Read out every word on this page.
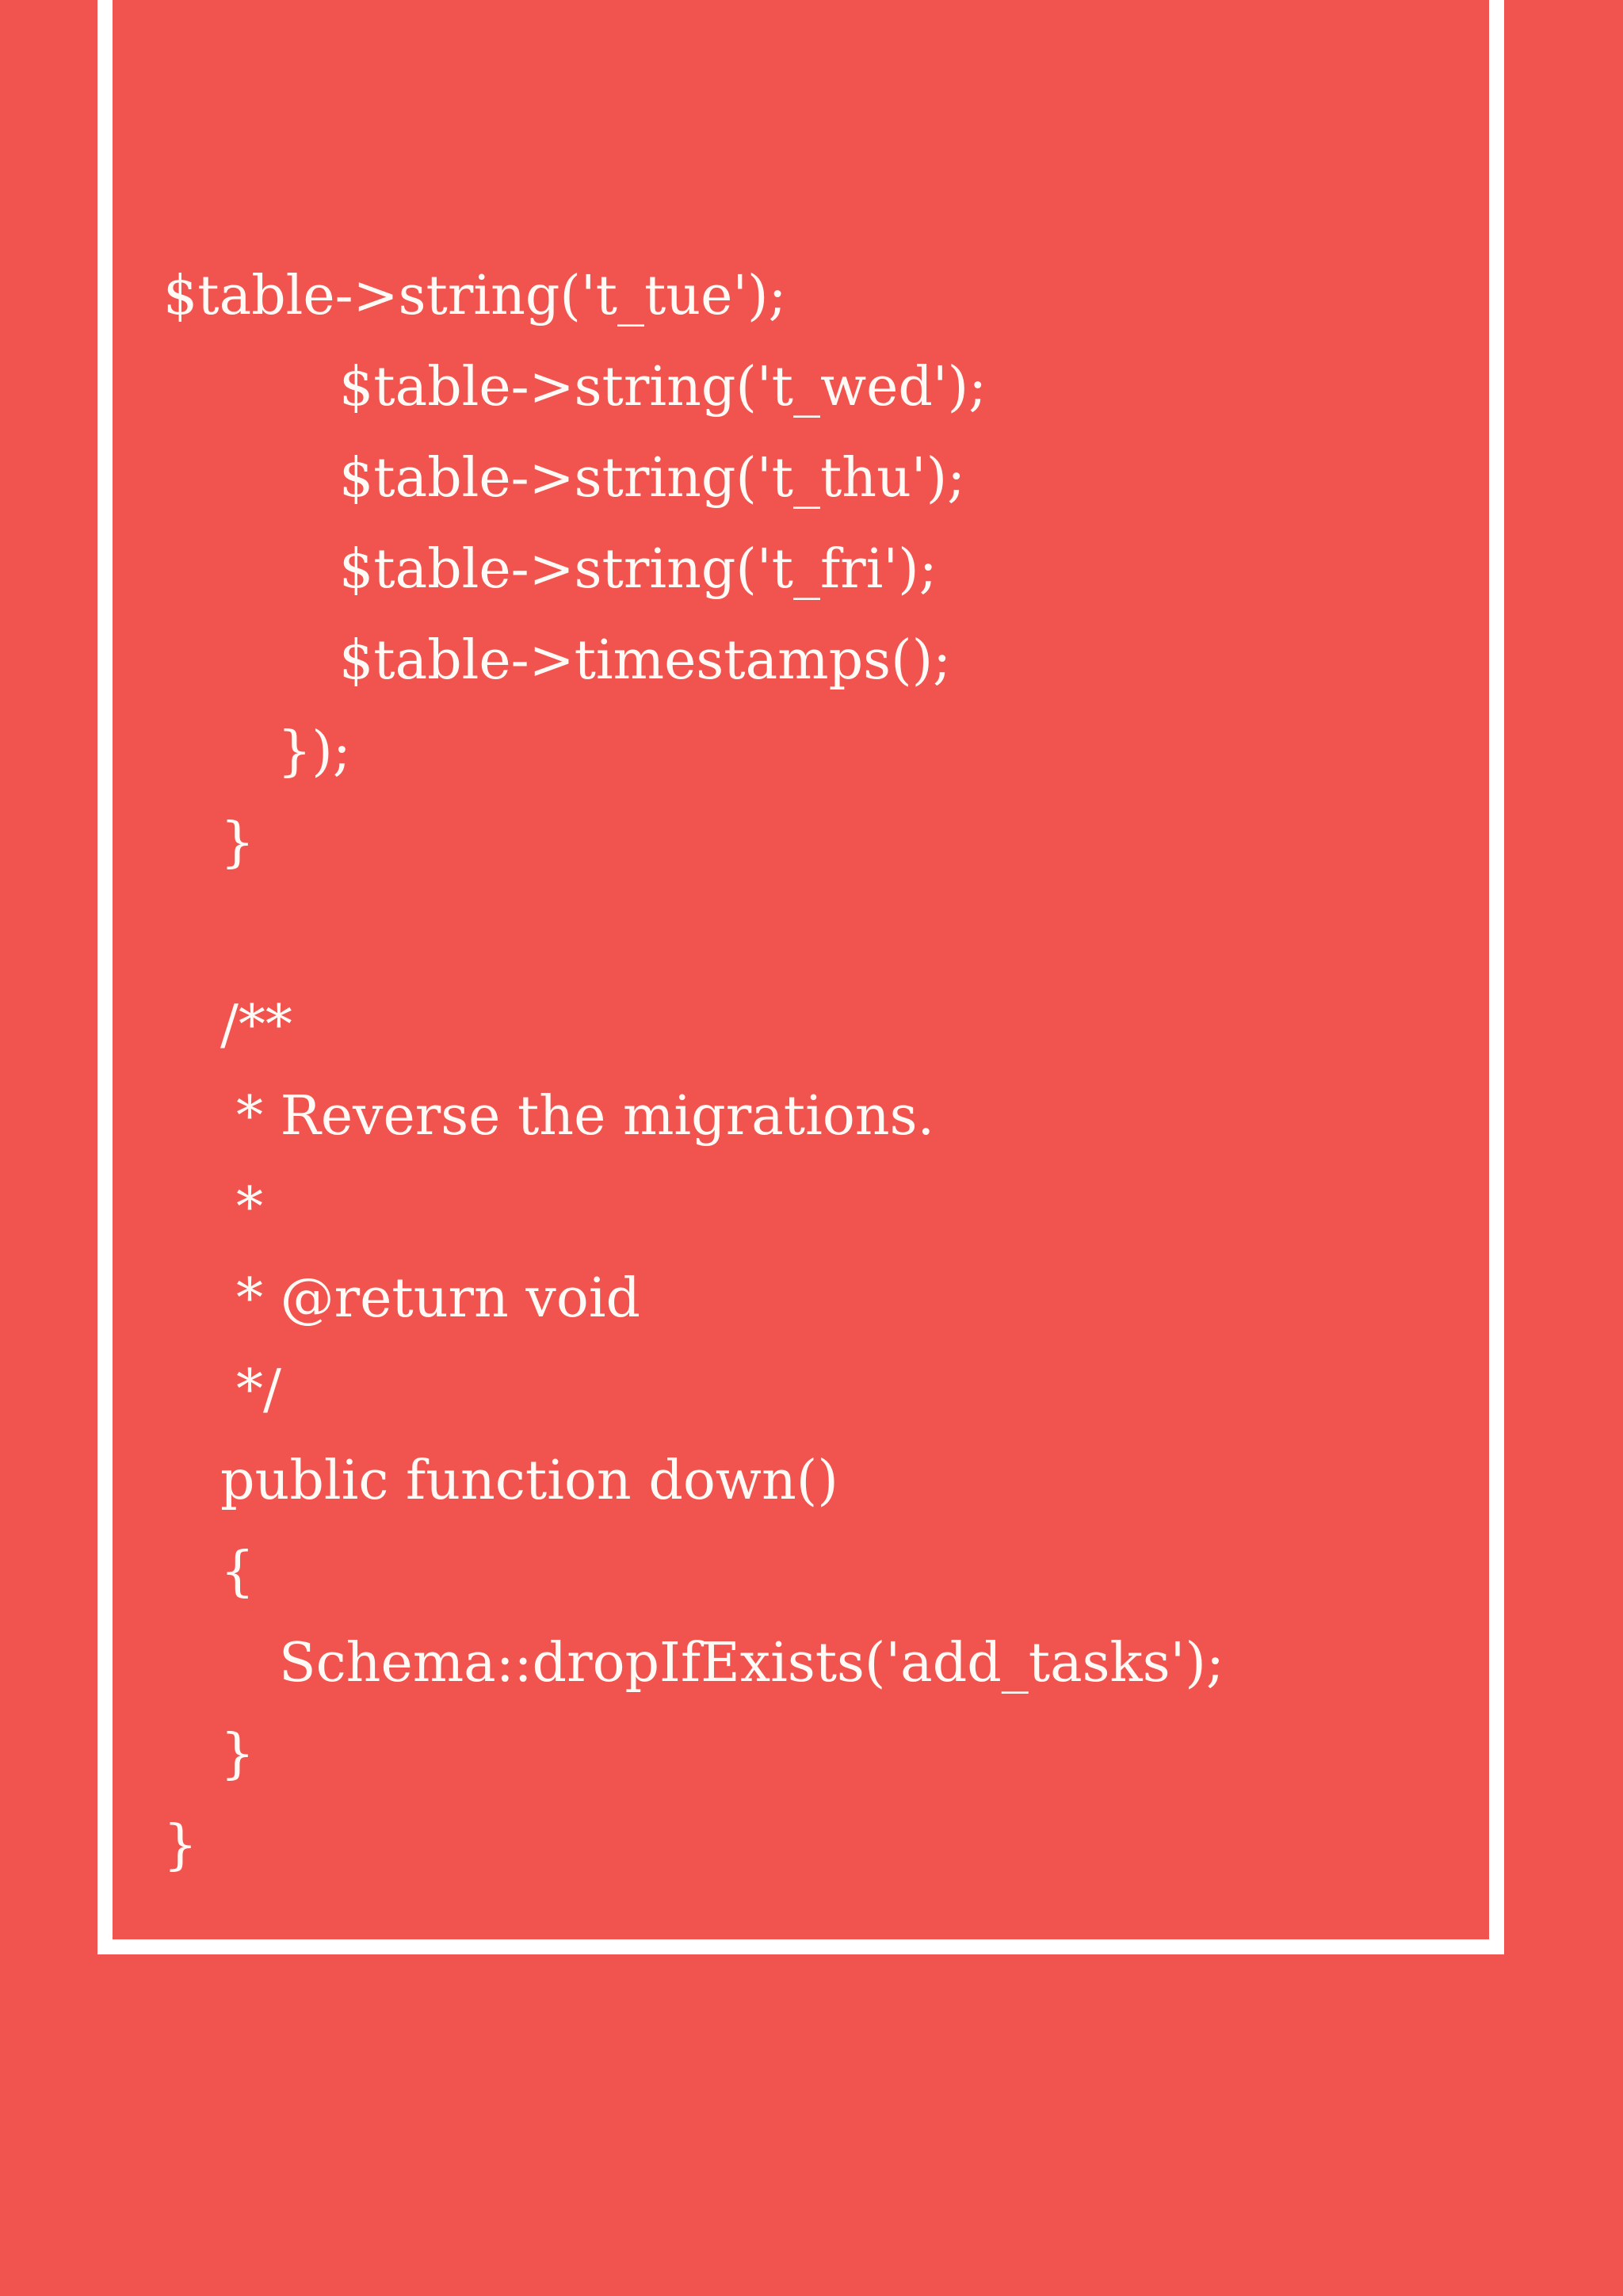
$table->string('t_tue');
$table->string('t_wed');
$table->string('t_thu');
$table->string('t_fri');
$table->timestamps();
});
}
/**
* Reverse the migrations.
*
* @return void
*/
public function down()
{
Schema::dropIfExists('add_tasks');
}
}
